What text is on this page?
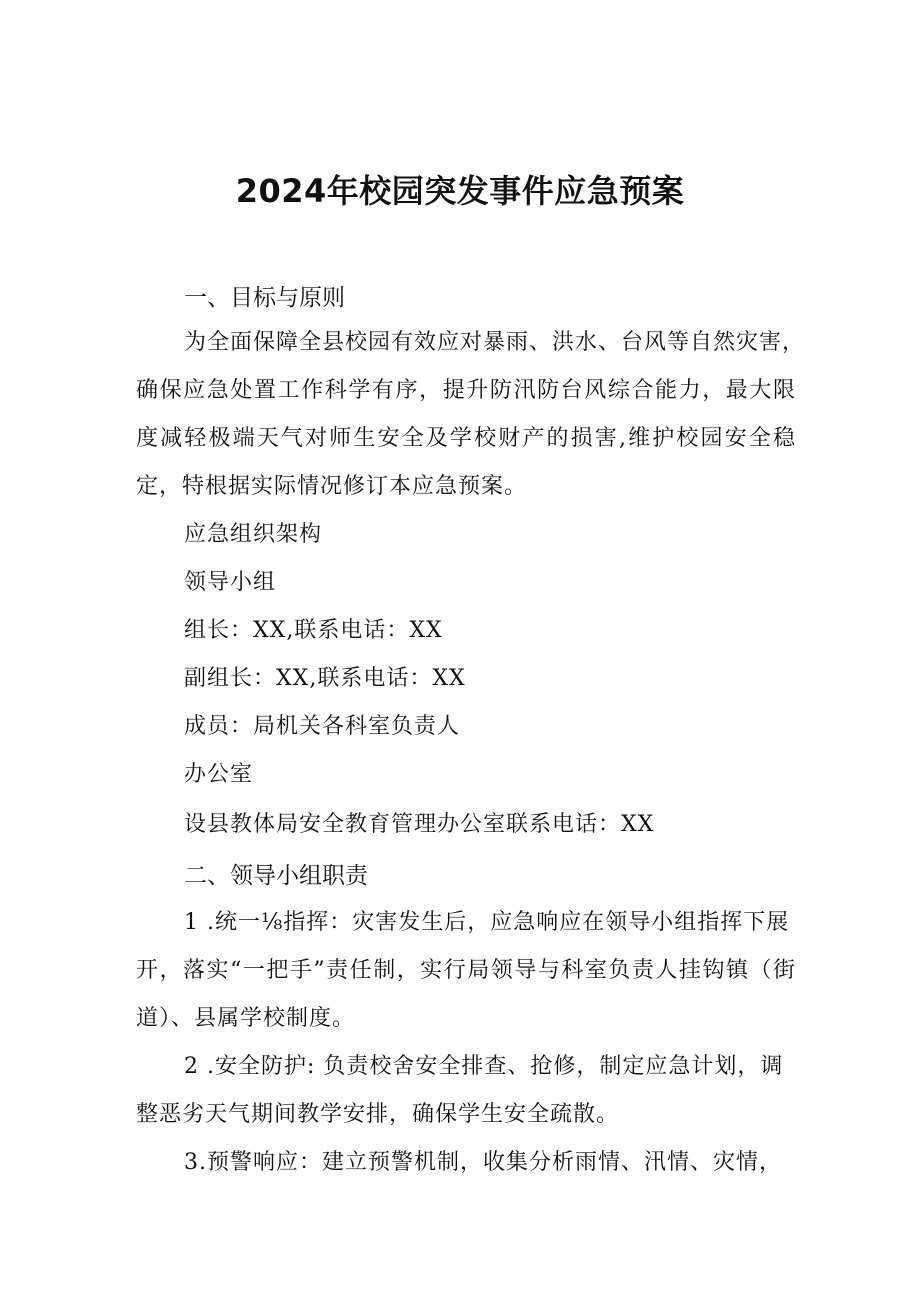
2024年校园突发事件应急预案
一、目标与原则

为全面保障全县校园有效应对暴雨、洪水、台风等自然灾害，

确保应急处置工作科学有序，提升防汛防台风综合能力，最大限

度减轻极端天气对师生安全及学校财产的损害,维护校园安全稳

定，特根据实际情况修订本应急预案。

应急组织架构

领导小组

组长：XX,联系电话：XX

副组长：XX,联系电话：XX

成员：局机关各科室负责人

办公室

设县教体局安全教育管理办公室联系电话：XX

二、领导小组职责

1 .统一⅛指挥：灾害发生后，应急响应在领导小组指挥下展

开，落实“一把手”责任制，实行局领导与科室负责人挂钩镇（街

道）、县属学校制度。

2 .安全防护: 负责校舍安全排查、抢修，制定应急计划，调

整恶劣天气期间教学安排，确保学生安全疏散。

3.预警响应：建立预警机制，收集分析雨情、汛情、灾情，
